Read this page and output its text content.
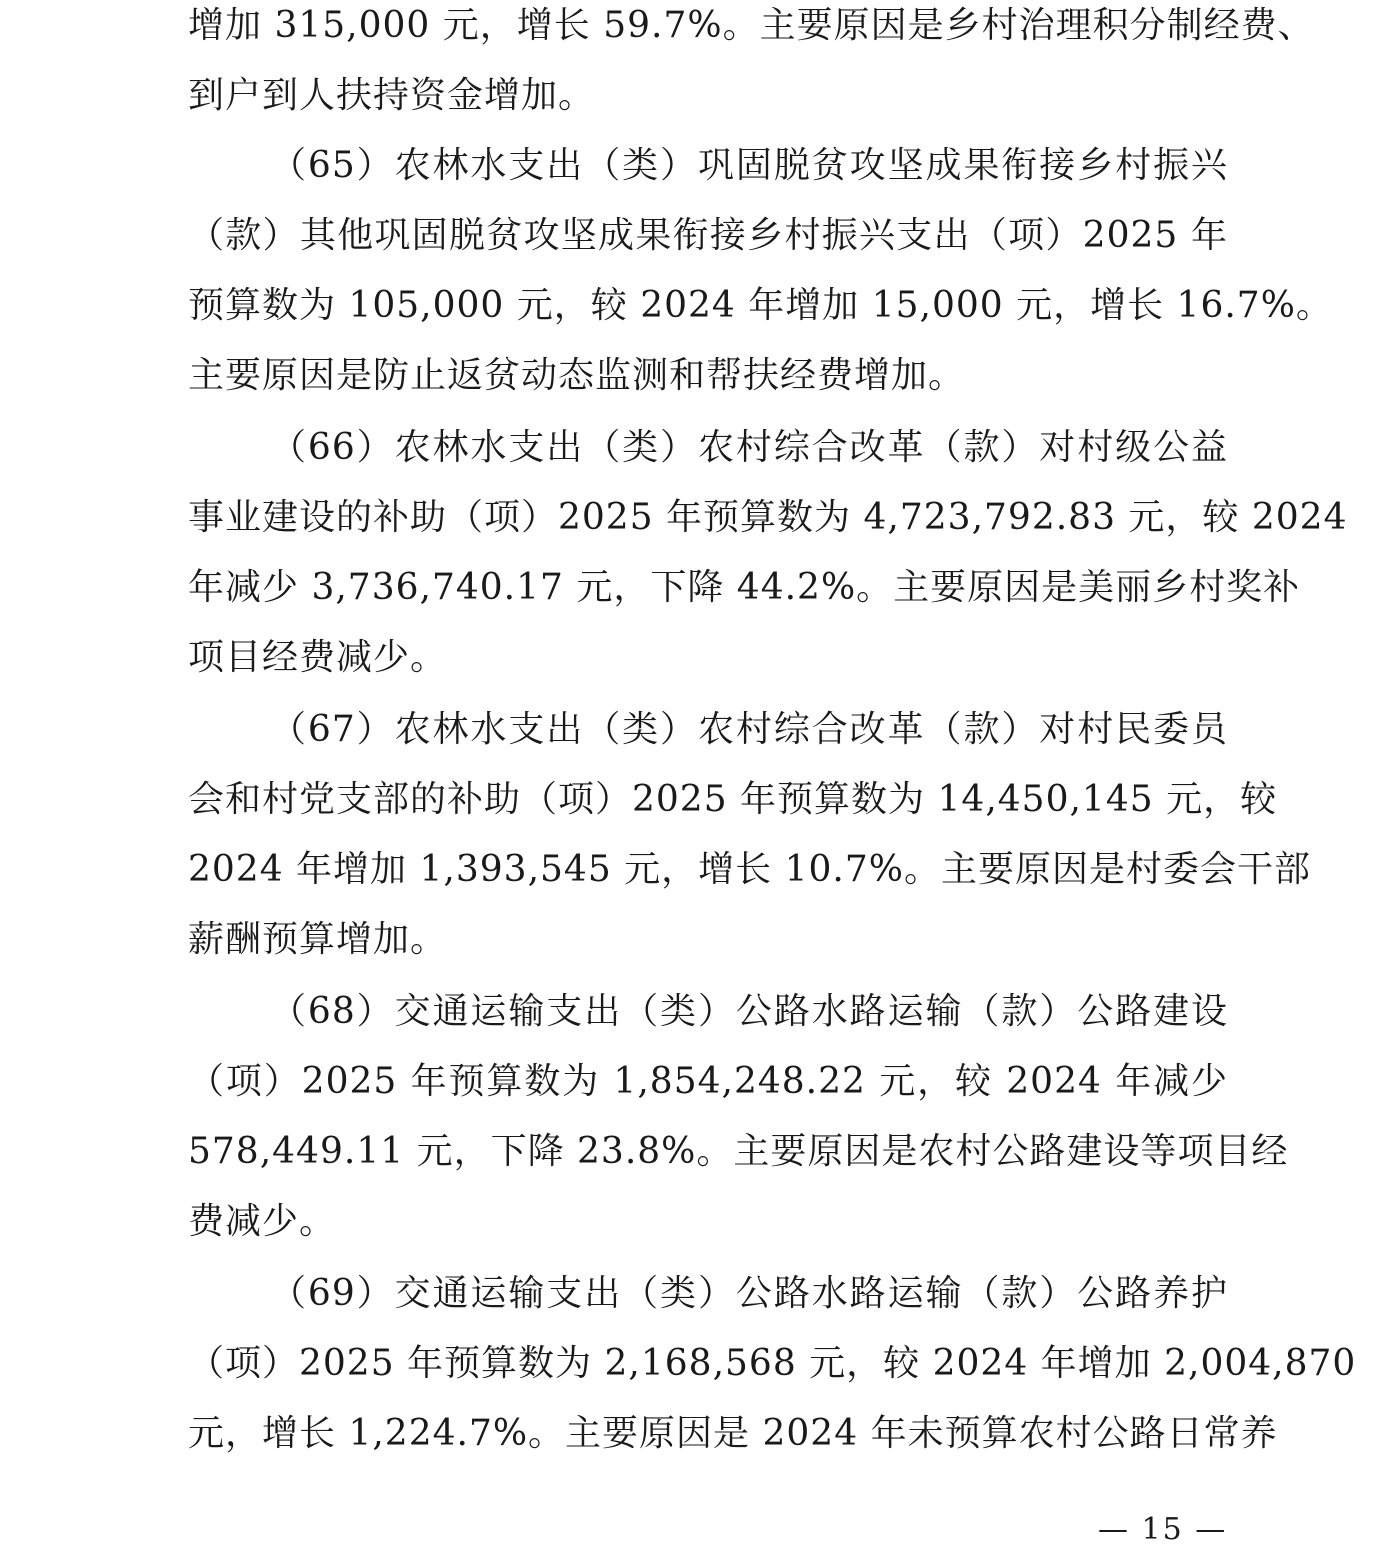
增加 315,000 元，增长 59.7%。主要原因是乡村治理积分制经费、
到户到人扶持资金增加。
（65）农林水支出（类）巩固脱贫攻坚成果衔接乡村振兴
（款）其他巩固脱贫攻坚成果衔接乡村振兴支出（项）2025 年
预算数为 105,000 元，较 2024 年增加 15,000 元，增长 16.7%。
主要原因是防止返贫动态监测和帮扶经费增加。
（66）农林水支出（类）农村综合改革（款）对村级公益
事业建设的补助（项）2025 年预算数为 4,723,792.83 元，较 2024
年减少 3,736,740.17 元，下降 44.2%。主要原因是美丽乡村奖补
项目经费减少。
（67）农林水支出（类）农村综合改革（款）对村民委员
会和村党支部的补助（项）2025 年预算数为 14,450,145 元，较
2024 年增加 1,393,545 元，增长 10.7%。主要原因是村委会干部
薪酬预算增加。
（68）交通运输支出（类）公路水路运输（款）公路建设
（项）2025 年预算数为 1,854,248.22 元，较 2024 年减少
578,449.11 元，下降 23.8%。主要原因是农村公路建设等项目经
费减少。
（69）交通运输支出（类）公路水路运输（款）公路养护
（项）2025 年预算数为 2,168,568 元，较 2024 年增加 2,004,870
元，增长 1,224.7%。主要原因是 2024 年未预算农村公路日常养
— 15 —
